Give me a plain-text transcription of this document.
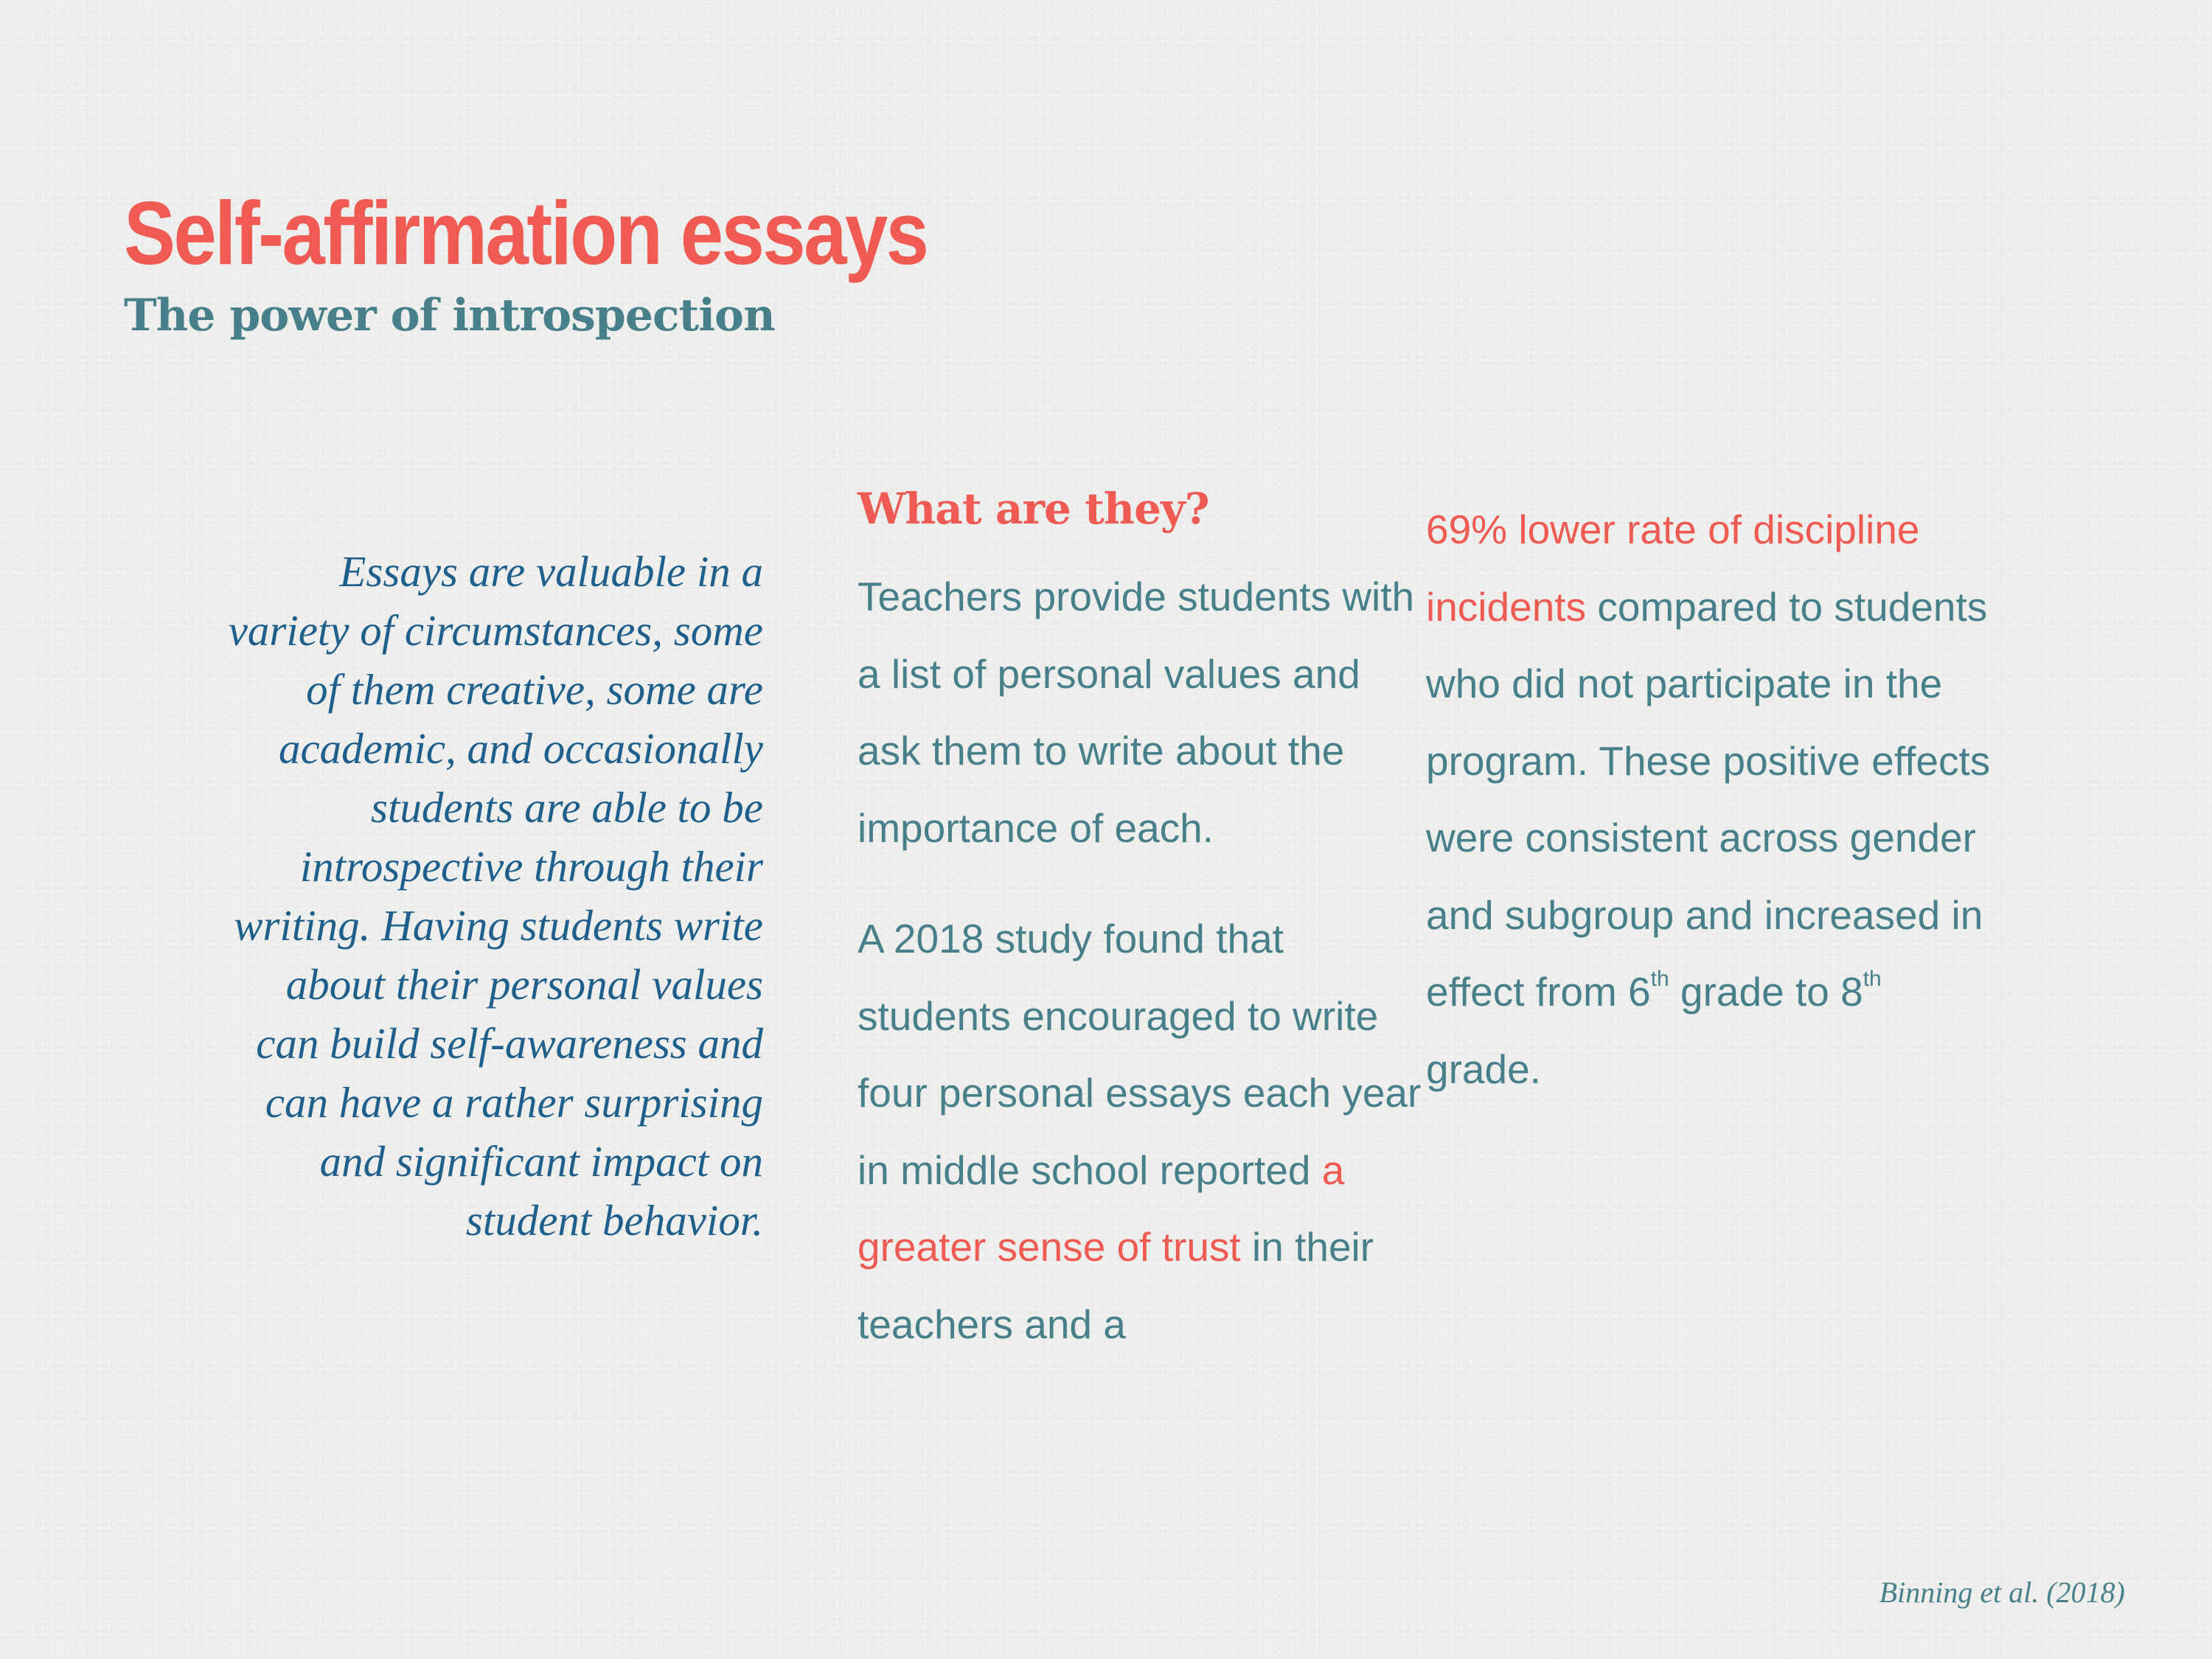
Self-affirmation essays
The power of introspection

Essays are valuable in a variety of circumstances, some of them creative, some are academic, and occasionally students are able to be introspective through their writing. Having students write about their personal values can build self-awareness and can have a rather surprising and significant impact on student behavior.

What are they?

Teachers provide students with a list of personal values and ask them to write about the importance of each.

A 2018 study found that students encouraged to write four personal essays each year in middle school reported a greater sense of trust in their teachers and a

69% lower rate of discipline incidents compared to students who did not participate in the program. These positive effects were consistent across gender and subgroup and increased in effect from 6th grade to 8th grade.

Binning et al. (2018)
